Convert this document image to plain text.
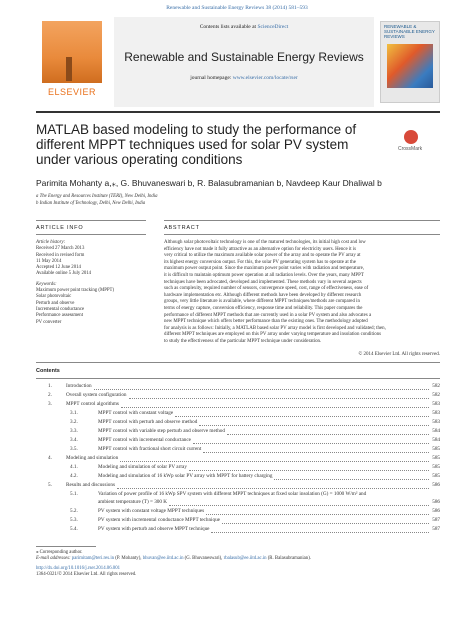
Renewable and Sustainable Energy Reviews 38 (2014) 581–593
ELSEVIER
Contents lists available at ScienceDirect
Renewable and Sustainable Energy Reviews
journal homepage: www.elsevier.com/locate/rser
RENEWABLE & SUSTAINABLE ENERGY REVIEWS
MATLAB based modeling to study the performance of different MPPT techniques used for solar PV system under various operating conditions
CrossMark
Parimita Mohanty a,⁎, G. Bhuvaneswari b, R. Balasubramanian b, Navdeep Kaur Dhaliwal b
a The Energy and Resources Institute (TERI), New Delhi, India
b Indian Institute of Technology, Delhi, New Delhi, India
ARTICLE INFO	ABSTRACT
Article history:
Received 27 March 2013
Received in revised form
11 May 2014
Accepted 12 June 2014
Available online 5 July 2014
Keywords:
Maximum power point tracking (MPPT)
Solar photovoltaic
Perturb and observe
Incremental conductance
Performance assessment
PV converter
Although solar photovoltaic technology is one of the matured technologies, its initial high cost and low
efficiency have not made it fully attractive as an alternative option for electricity users. Hence it is
very critical to utilize the maximum available solar power of the array and to operate the PV array at
its highest energy conversion output. For this, the solar PV generating system has to operate at the
maximum power output point. Since the maximum power point varies with radiation and temperature,
it is difficult to maintain optimum power operation at all radiation levels. Over the years, many MPPT
techniques have been advocated, developed and implemented. These methods vary in several aspects
such as complexity, required number of sensors, convergence speed, cost, range of effectiveness, ease of
hardware implementation etc. Although different methods have been developed by different research
groups, very little literature is available, where different MPPT techniques/methods are compared in
terms of energy capture, conversion efficiency, response time and reliability. This paper compares the
performance of different MPPT methods that are currently used in a solar PV system and also advocates a
new MPPT technique which offers better performance than the existing ones. The methodology adopted
for analysis is as follows: Initially, a MATLAB based solar PV array model is first developed and validated; then,
different MPPT techniques are employed on this PV array under varying temperature and insolation conditions
to study the effectiveness of the particular MPPT technique under consideration.
© 2014 Elsevier Ltd. All rights reserved.
Contents
1.	Introduction	582
2.	Overall system configuration	582
3.	MPPT control algorithms	583
3.1.	MPPT control with constant voltage	583
3.2.	MPPT control with perturb and observe method	583
3.3.	MPPT control with variable step perturb and observe method	584
3.4.	MPPT control with incremental conductance	584
3.5.	MPPT control with fractional short circuit current	585
4.	Modeling and simulation	585
4.1.	Modeling and simulation of solar PV array	585
4.2.	Modeling and simulation of 16 kWp solar PV array with MPPT for battery charging	585
5.	Results and discussions	586
5.1.	Variation of power profile of 16 kWp SPV system with different MPPT techniques at fixed solar insolation (G) = 1000 W/m² and
ambient temperature (T) = 300 K	586
5.2.	PV system with constant voltage MPPT techniques	586
5.3.	PV system with incremental conductance MPPT technique	587
5.4.	PV system with perturb and observe MPPT technique	587
⁎ Corresponding author.
E-mail addresses: parimitam@teri.res.in (P. Mohanty), bhuvan@ee.iitd.ac.in (G. Bhuvaneswari), rbalasub@ee.iitd.ac.in (R. Balasubramanian).
http://dx.doi.org/10.1016/j.rser.2014.06.001
1364-0321/© 2014 Elsevier Ltd. All rights reserved.
